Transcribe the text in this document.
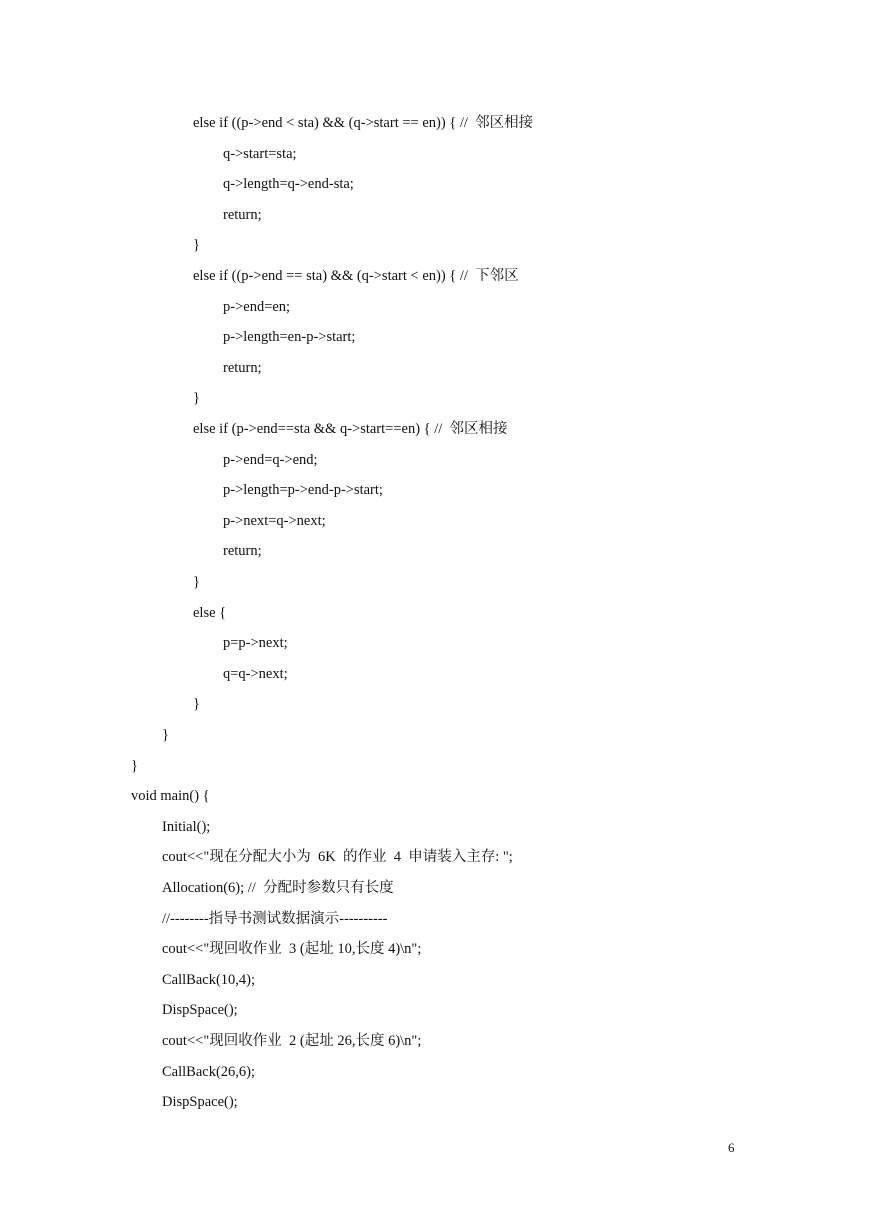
else if ((p->end < sta) && (q->start == en)) { //  邻区相接
q->start=sta;
q->length=q->end-sta;
return;
}
else if ((p->end == sta) && (q->start < en)) { //  下邻区
p->end=en;
p->length=en-p->start;
return;
}
else if (p->end==sta && q->start==en) { //  邻区相接
p->end=q->end;
p->length=p->end-p->start;
p->next=q->next;
return;
}
else {
p=p->next;
q=q->next;
}
}
}
void main() {
Initial();
cout<<"现在分配大小为  6K  的作业  4  申请装入主存: ";
Allocation(6); //  分配时参数只有长度
//--------指导书测试数据演示----------
cout<<"现回收作业  3 (起址 10,长度 4)\n";
CallBack(10,4);
DispSpace();
cout<<"现回收作业  2 (起址 26,长度 6)\n";
CallBack(26,6);
DispSpace();
6
